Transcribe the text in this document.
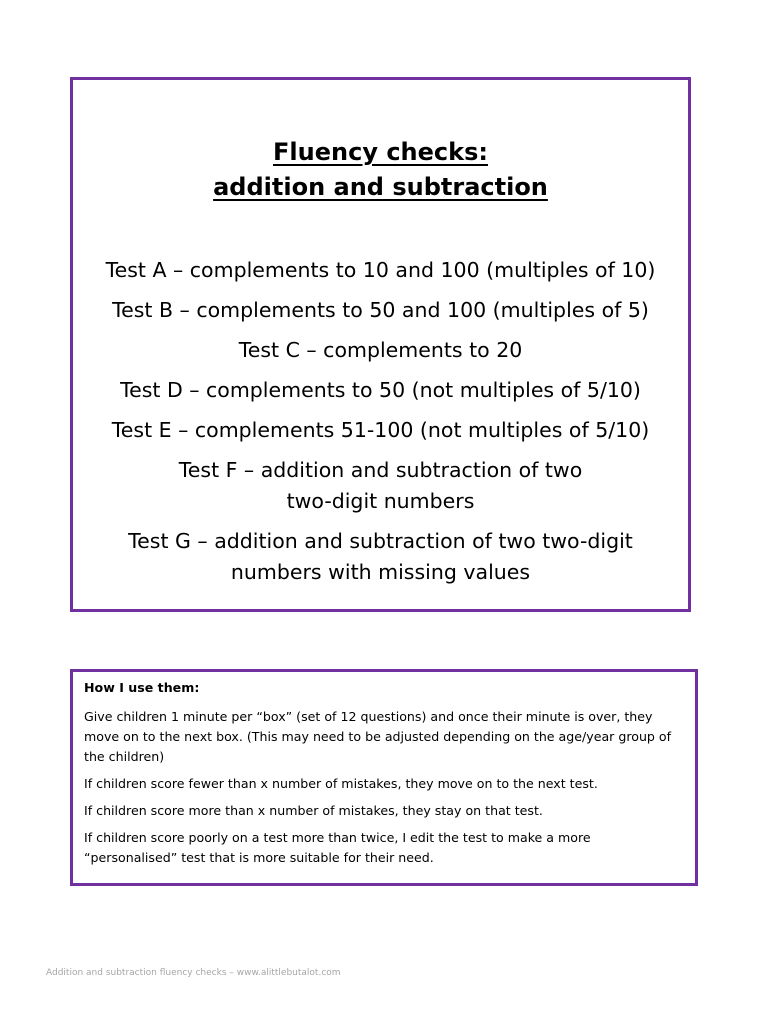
Fluency checks:
addition and subtraction
Test A – complements to 10 and 100 (multiples of 10)
Test B – complements to 50 and 100 (multiples of 5)
Test C – complements to 20
Test D – complements to 50 (not multiples of 5/10)
Test E – complements 51-100 (not multiples of 5/10)
Test F – addition and subtraction of two two-digit numbers
Test G – addition and subtraction of two two-digit numbers with missing values
How I use them:
Give children 1 minute per “box” (set of 12 questions) and once their minute is over, they move on to the next box. (This may need to be adjusted depending on the age/year group of the children)
If children score fewer than x number of mistakes, they move on to the next test.
If children score more than x number of mistakes, they stay on that test.
If children score poorly on a test more than twice, I edit the test to make a more “personalised” test that is more suitable for their need.
Addition and subtraction fluency checks – www.alittlebutalot.com
